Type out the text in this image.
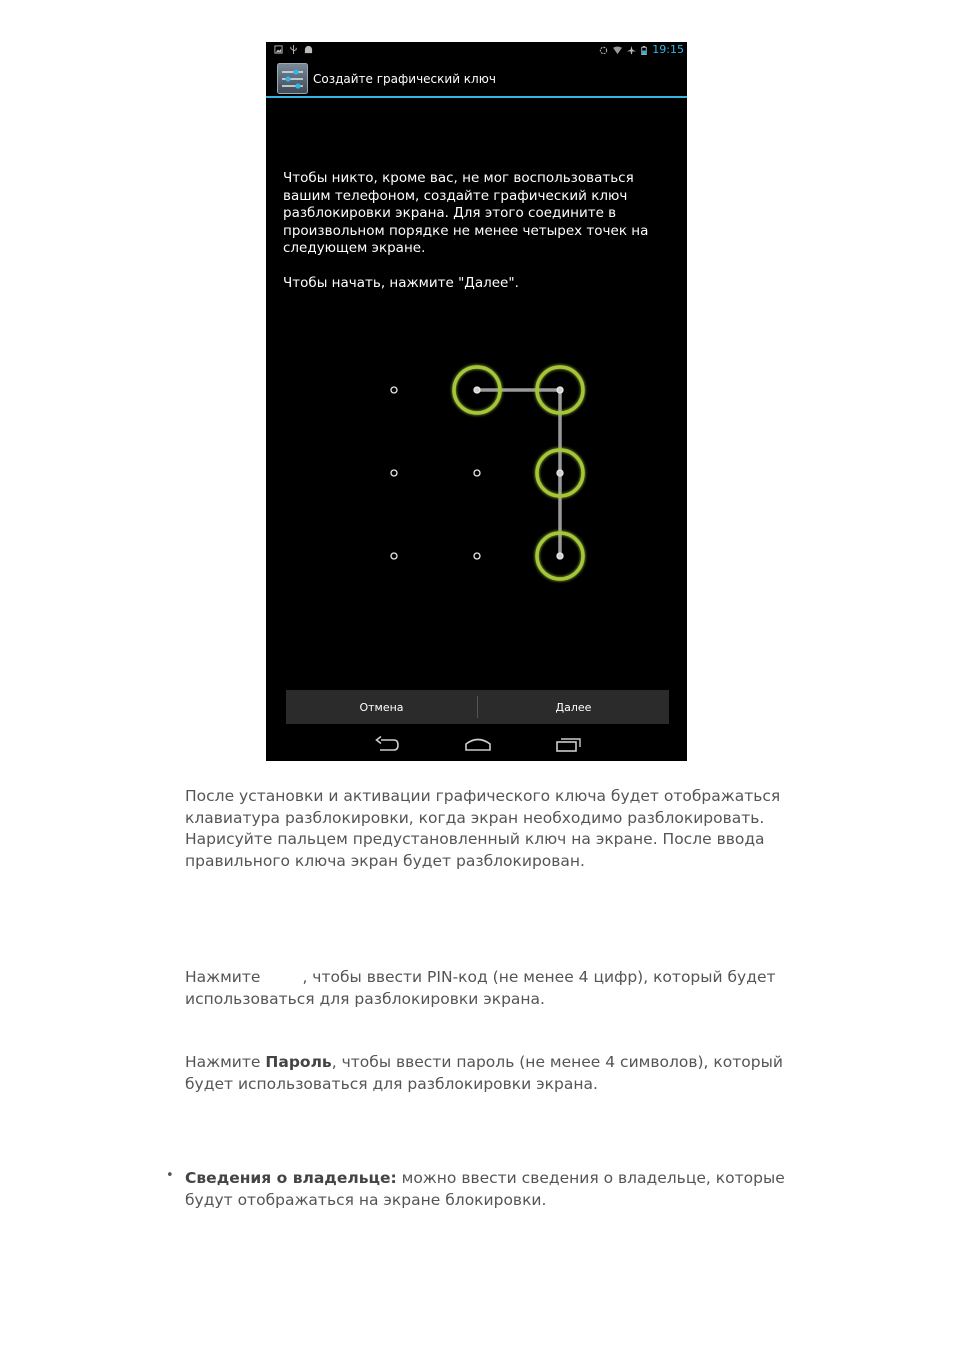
19:15
Создайте графический ключ

Чтобы никто, кроме вас, не мог воспользоваться вашим телефоном, создайте графический ключ разблокировки экрана. Для этого соедините в произвольном порядке не менее четырех точек на следующем экране.

Чтобы начать, нажмите "Далее".

Отмена	Далее

После установки и активации графического ключа будет отображаться клавиатура разблокировки, когда экран необходимо разблокировать. Нарисуйте пальцем предустановленный ключ на экране. После ввода правильного ключа экран будет разблокирован.

Нажмите	, чтобы ввести PIN-код (не менее 4 цифр), который будет использоваться для разблокировки экрана.

Нажмите Пароль, чтобы ввести пароль (не менее 4 символов), который будет использоваться для разблокировки экрана.

• Сведения о владельце: можно ввести сведения о владельце, которые будут отображаться на экране блокировки.
